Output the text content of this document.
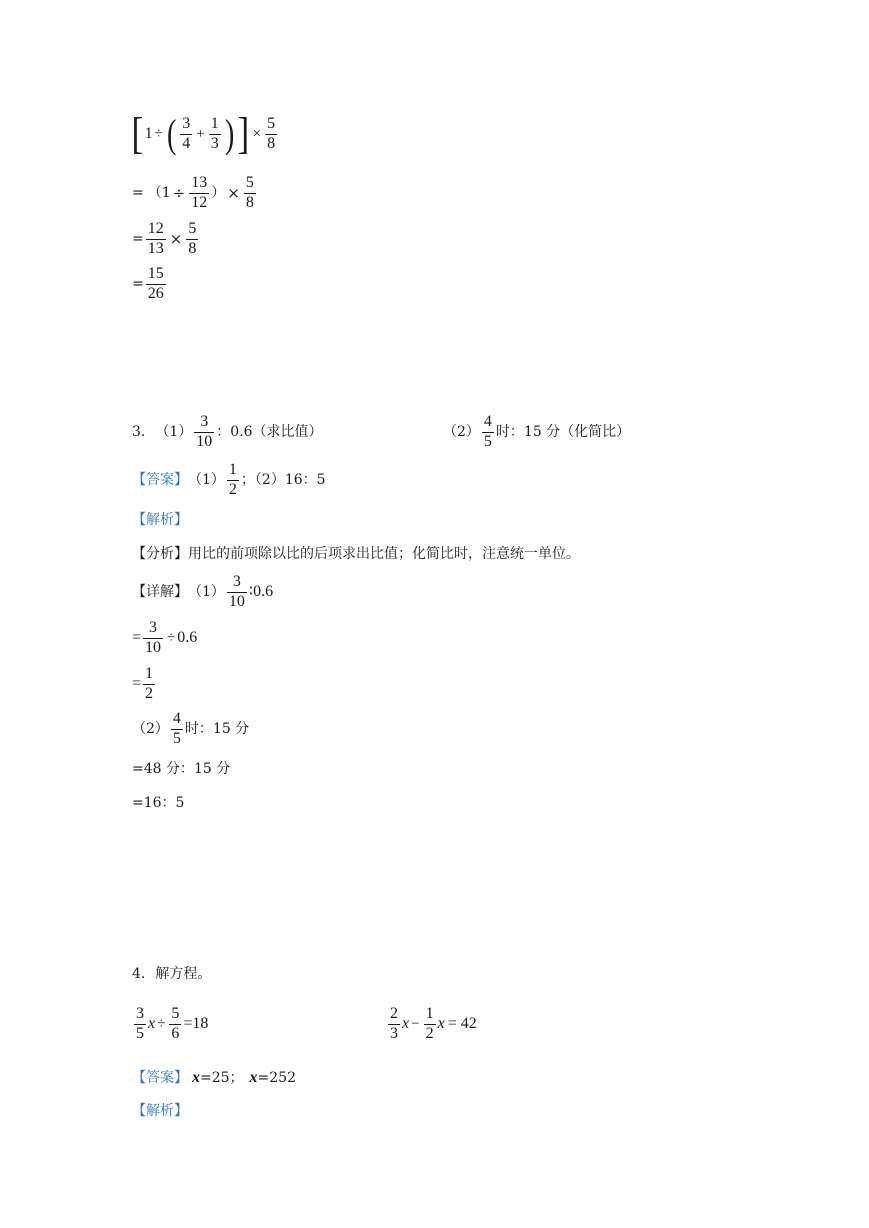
[ 1 ÷ ( $\frac{3}{4} + \frac{1}{3}$ ) ] × $\frac{5}{8}$
= （$1 \div \frac{13}{12}$ ） × $\frac{5}{8}$
= $\frac{12}{13} \times \frac{5}{8}$
= $\frac{15}{26}$
3. $(1) \frac{3}{10}$ ：0.6（求比值）	$(2) \frac{4}{5}$ 时：15 分（化简比）
【答案】 $(1) \frac{1}{2}$ ；（2）16：5
【解析】
【分析】 用比的前项除以比的后项求出比值；化简比时，注意统一单位。
【详解】 $(1) \frac{3}{10}$ ∶0.6
= $\frac{3}{10} \div 0.6$
= $\frac{1}{2}$
$(2) \frac{4}{5}$ 时：15 分
=48 分：15 分
=16：5
4. 解方程。
$\frac{3}{5}$ $x \div \frac{5}{6} =18$	$\frac{2}{3}$ $x - \frac{1}{2}$ x = 42
【答案】 x =25； x =252
【解析】
